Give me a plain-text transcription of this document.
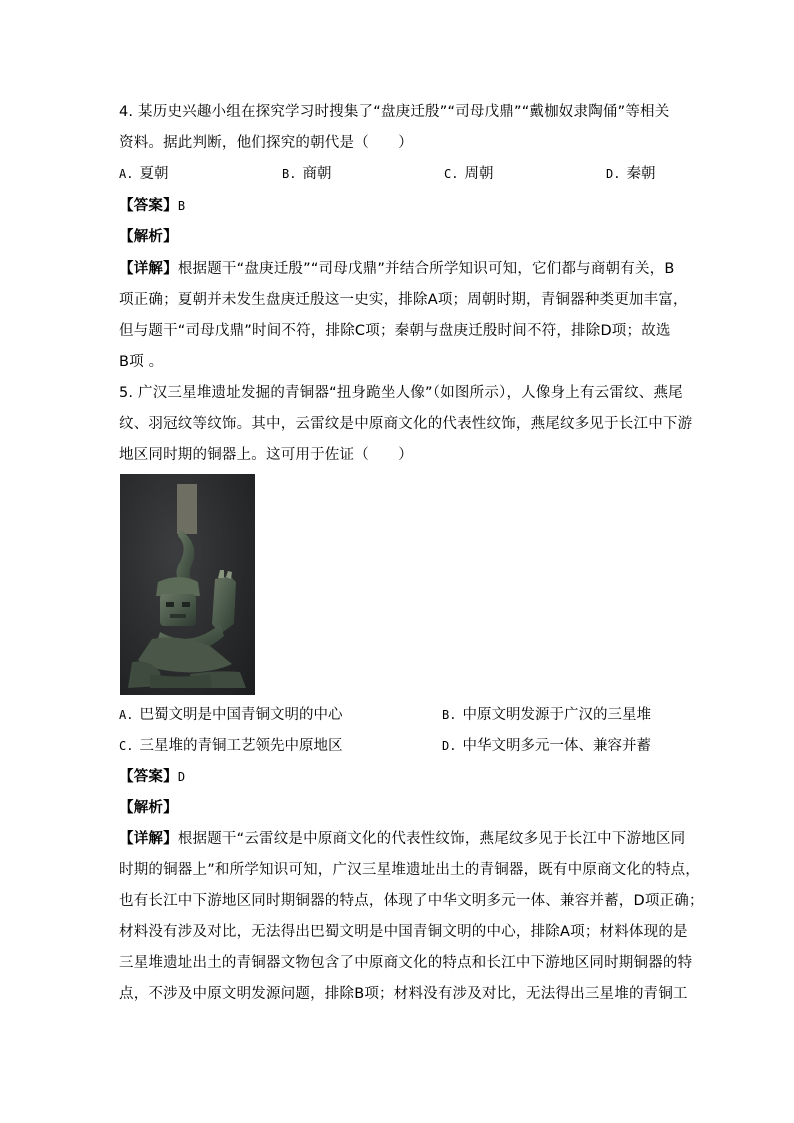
4. 某历史兴趣小组在探究学习时搜集了“盘庚迁殷”“司母戊鼎”“戴枷奴隶陶俑”等相关
资料。据此判断，他们探究的朝代是（　　）
A. 夏朝	B. 商朝	C. 周朝	D. 秦朝
【答案】B
【解析】
【详解】根据题干“盘庚迁殷”“司母戊鼎”并结合所学知识可知，它们都与商朝有关，B
项正确；夏朝并未发生盘庚迁殷这一史实，排除A项；周朝时期，青铜器种类更加丰富，
但与题干“司母戊鼎”时间不符，排除C项；秦朝与盘庚迁殷时间不符，排除D项；故选
B项 。
5. 广汉三星堆遗址发掘的青铜器“扭身跪坐人像”（如图所示），人像身上有云雷纹、燕尾
纹、羽冠纹等纹饰。其中，云雷纹是中原商文化的代表性纹饰，燕尾纹多见于长江中下游
地区同时期的铜器上。这可用于佐证（　　）
A. 巴蜀文明是中国青铜文明的中心	B. 中原文明发源于广汉的三星堆
C. 三星堆的青铜工艺领先中原地区	D. 中华文明多元一体、兼容并蓄
【答案】D
【解析】
【详解】根据题干“云雷纹是中原商文化的代表性纹饰，燕尾纹多见于长江中下游地区同
时期的铜器上”和所学知识可知，广汉三星堆遗址出土的青铜器，既有中原商文化的特点，
也有长江中下游地区同时期铜器的特点，体现了中华文明多元一体、兼容并蓄，D项正确；
材料没有涉及对比，无法得出巴蜀文明是中国青铜文明的中心，排除A项；材料体现的是
三星堆遗址出土的青铜器文物包含了中原商文化的特点和长江中下游地区同时期铜器的特
点，不涉及中原文明发源问题，排除B项；材料没有涉及对比，无法得出三星堆的青铜工
